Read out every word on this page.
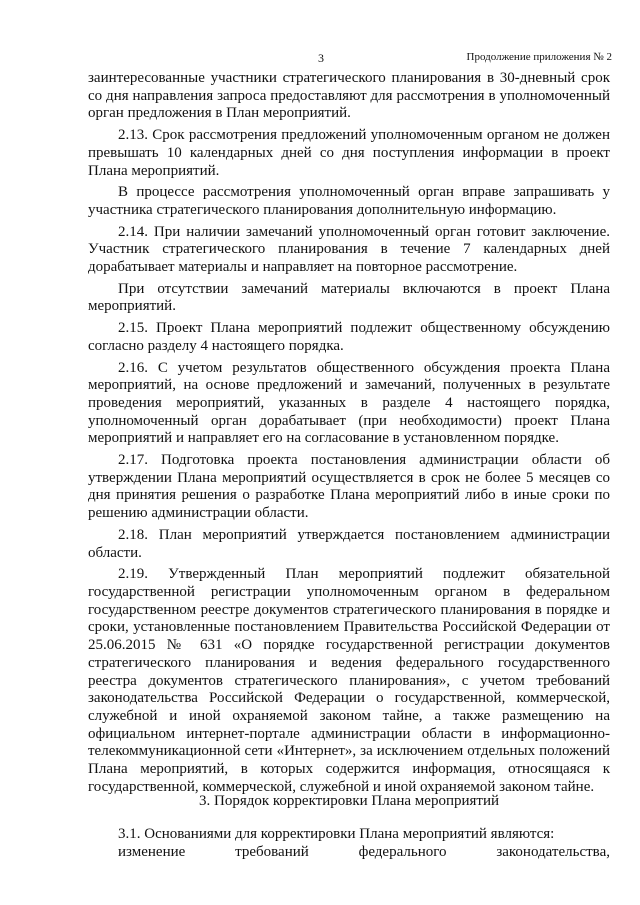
3	Продолжение приложения № 2

заинтересованные участники стратегического планирования в 30-дневный срок со дня направления запроса предоставляют для рассмотрения в уполномоченный орган предложения в План мероприятий.

2.13. Срок рассмотрения предложений уполномоченным органом не должен превышать 10 календарных дней со дня поступления информации в проект Плана мероприятий.

В процессе рассмотрения уполномоченный орган вправе запрашивать у участника стратегического планирования дополнительную информацию.

2.14. При наличии замечаний уполномоченный орган готовит заключение. Участник стратегического планирования в течение 7 календарных дней дорабатывает материалы и направляет на повторное рассмотрение.

При отсутствии замечаний материалы включаются в проект Плана мероприятий.

2.15. Проект Плана мероприятий подлежит общественному обсуждению согласно разделу 4 настоящего порядка.

2.16. С учетом результатов общественного обсуждения проекта Плана мероприятий, на основе предложений и замечаний, полученных в результате проведения мероприятий, указанных в разделе 4 настоящего порядка, уполномоченный орган дорабатывает (при необходимости) проект Плана мероприятий и направляет его на согласование в установленном порядке.

2.17. Подготовка проекта постановления администрации области об утверждении Плана мероприятий осуществляется в срок не более 5 месяцев со дня принятия решения о разработке Плана мероприятий либо в иные сроки по решению администрации области.

2.18. План мероприятий утверждается постановлением администрации области.

2.19. Утвержденный План мероприятий подлежит обязательной государственной регистрации уполномоченным органом в федеральном государственном реестре документов стратегического планирования в порядке и сроки, установленные постановлением Правительства Российской Федерации от 25.06.2015 № 631 «О порядке государственной регистрации документов стратегического планирования и ведения федерального государственного реестра документов стратегического планирования», с учетом требований законодательства Российской Федерации о государственной, коммерческой, служебной и иной охраняемой законом тайне, а также размещению на официальном интернет-портале администрации области в информационно-телекоммуникационной сети «Интернет», за исключением отдельных положений Плана мероприятий, в которых содержится информация, относящаяся к государственной, коммерческой, служебной и иной охраняемой законом тайне.

3. Порядок корректировки Плана мероприятий

3.1. Основаниями для корректировки Плана мероприятий являются:

изменение	требований	федерального	законодательства,
